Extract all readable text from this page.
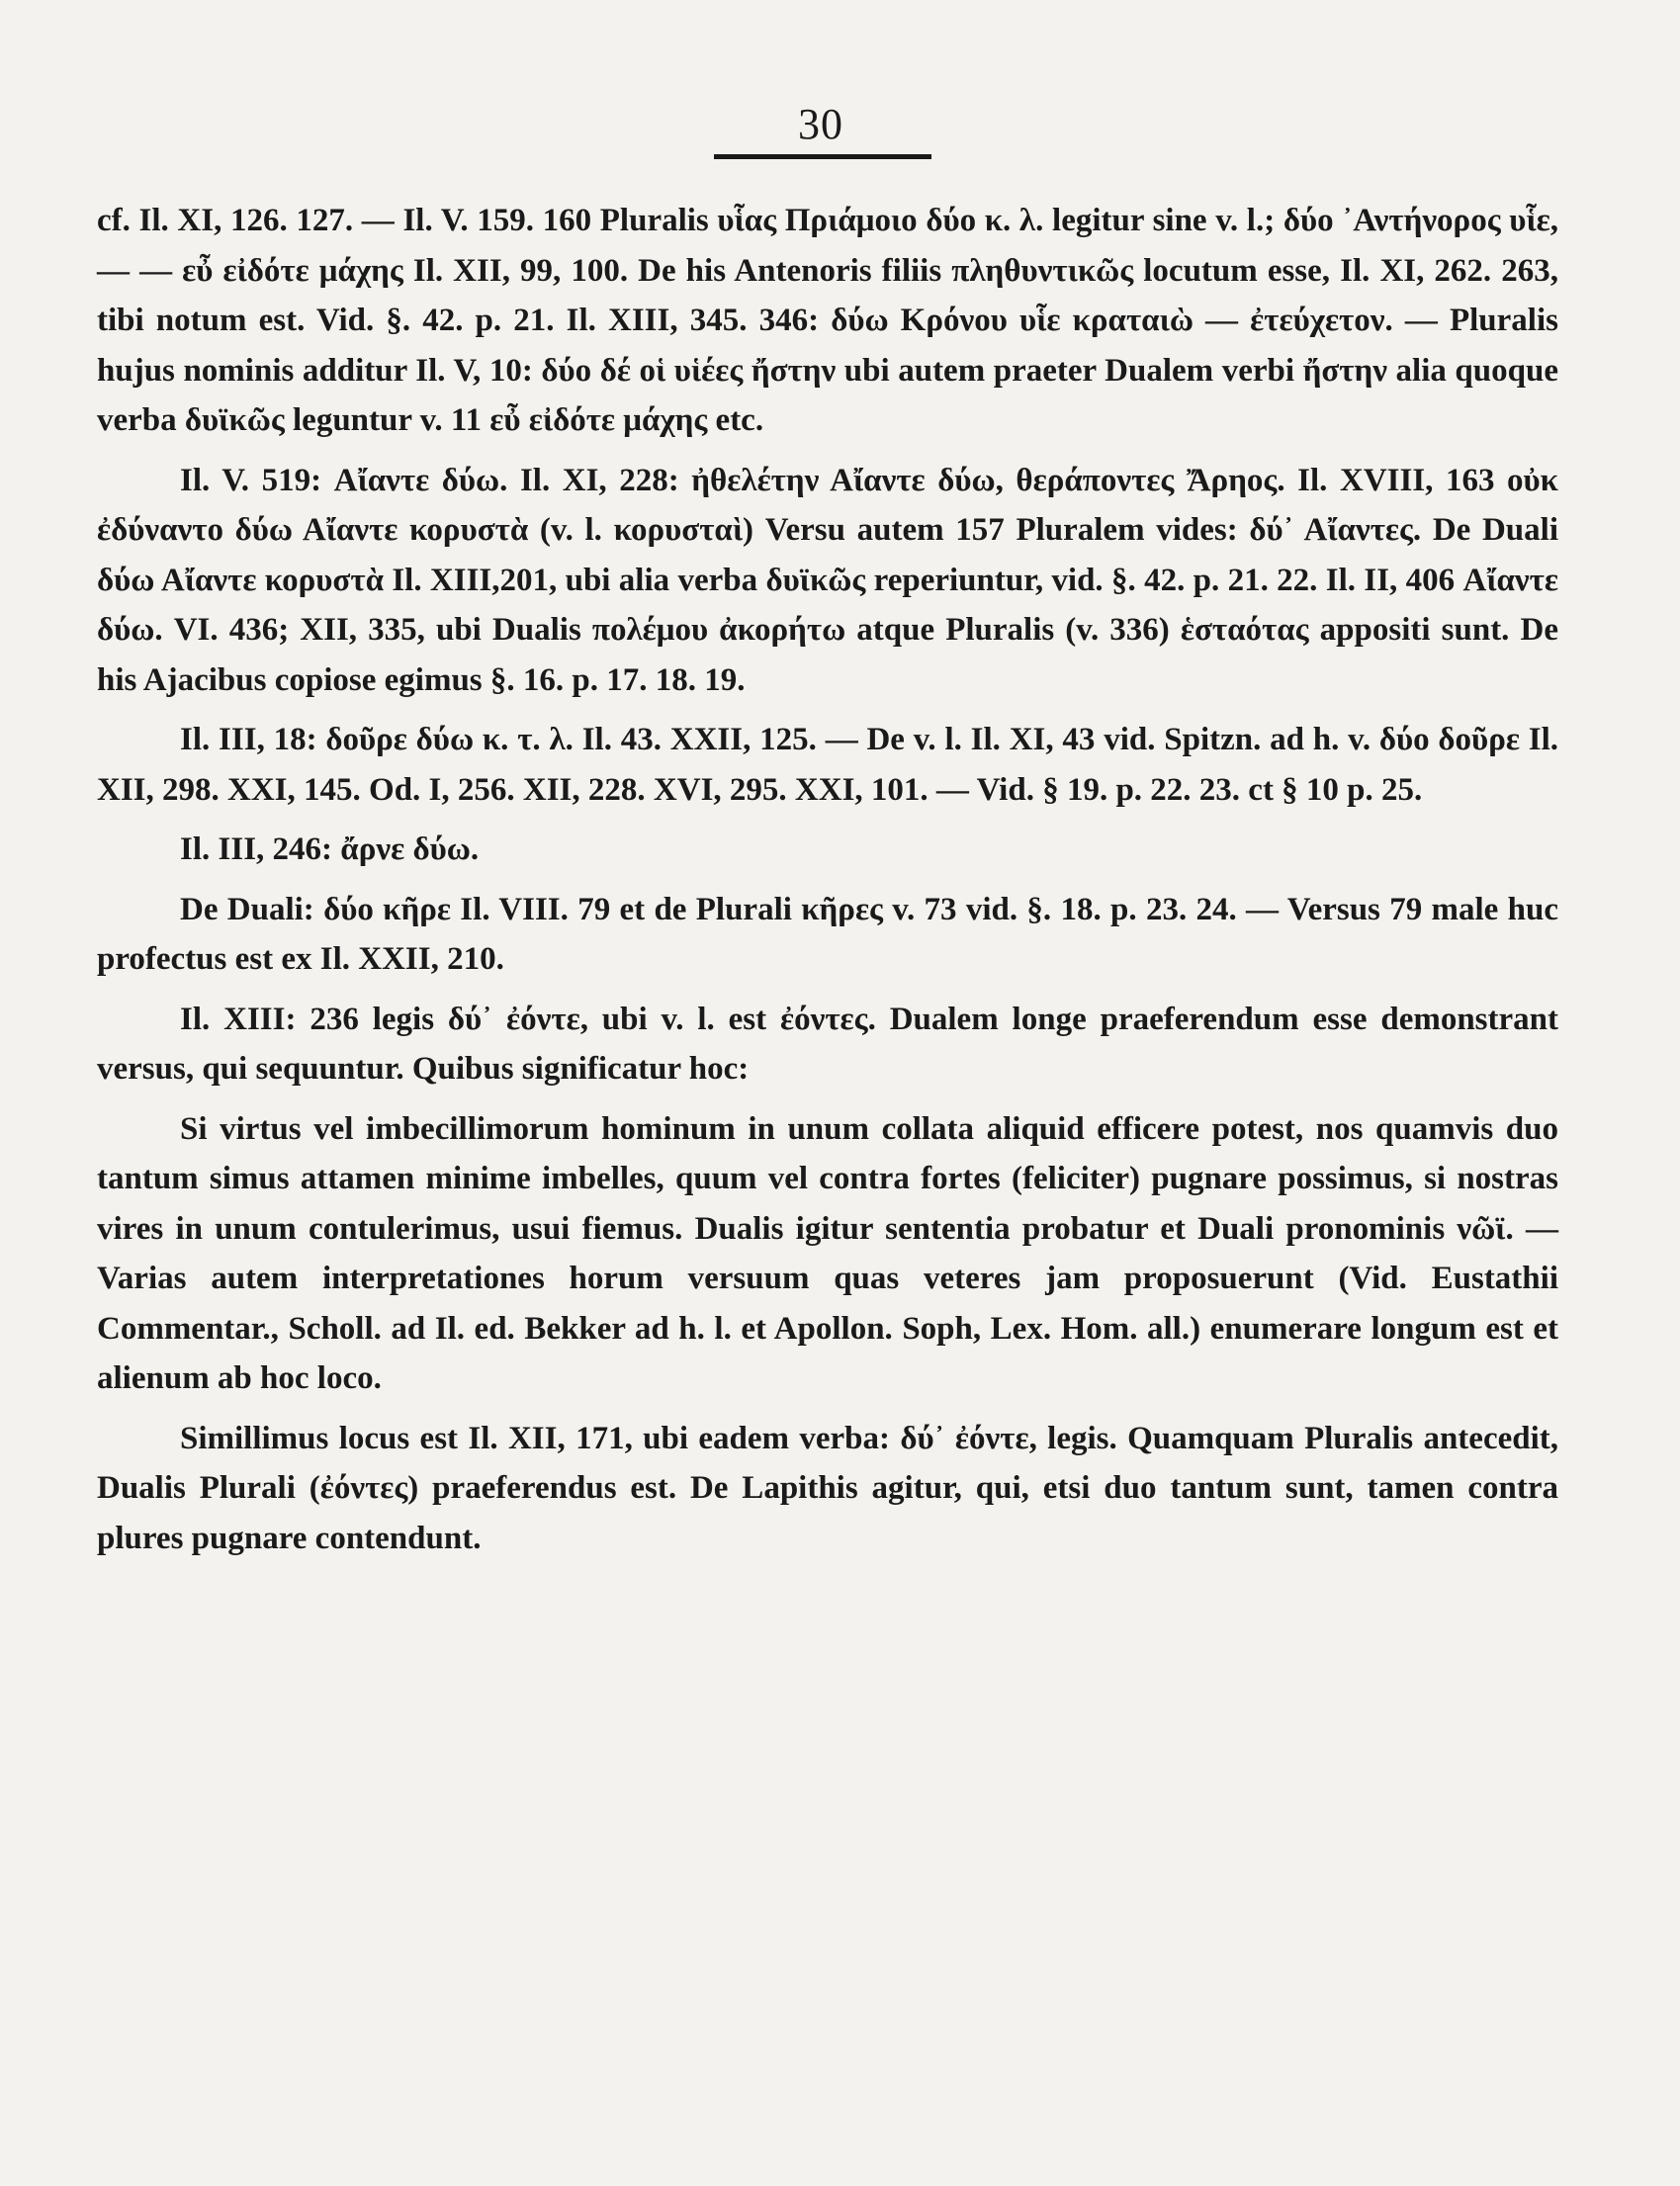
30

cf. Il. XI, 126. 127. — Il. V. 159. 160 Pluralis υἷας Πριάμοιο δύο κ. λ. legitur sine v. l.; δύο ᾿Αντήνορος υἷε, — — εὖ εἰδότε μάχης Il. XII, 99, 100. De his Antenoris filiis πληθυντικῶς locutum esse, Il. XI, 262. 263, tibi notum est. Vid. §. 42. p. 21. Il. XIII, 345. 346: δύω Κρόνου υἷε κραταιὼ — ἐτεύχετον. — Pluralis hujus nominis additur Il. V, 10: δύο δέ οἱ υἱέες ἤστην ubi autem praeter Dualem verbi ἤστην alia quoque verba δυϊκῶς leguntur v. 11 εὖ εἰδότε μάχης etc.

Il. V. 519: Αἴαντε δύω. Il. XI, 228: ἠθελέτην Αἴαντε δύω, θεράποντες Ἄρηος. Il. XVIII, 163 οὐκ ἐδύναντο δύω Αἴαντε κορυστὰ (v. l. κορυσταὶ) Versu autem 157 Pluralem vides: δύ᾿ Αἴαντες. De Duali δύω Αἴαντε κορυστὰ Il. XIII,201, ubi alia verba δυϊκῶς reperiuntur, vid. §. 42. p. 21. 22. Il. II, 406 Αἴαντε δύω. VI. 436; XII, 335, ubi Dualis πολέμου ἀκορήτω atque Pluralis (v. 336) ἑσταότας appositi sunt. De his Ajacibus copiose egimus §. 16. p. 17. 18. 19.

Il. III, 18: δοῦρε δύω κ. τ. λ. Il. 43. XXII, 125. — De v. l. Il. XI, 43 vid. Spitzn. ad h. v. δύο δοῦρε Il. XII, 298. XXI, 145. Od. I, 256. XII, 228. XVI, 295. XXI, 101. — Vid. § 19. p. 22. 23. ct § 10 p. 25.

Il. III, 246: ἄρνε δύω.

De Duali: δύο κῆρε Il. VIII. 79 et de Plurali κῆρες v. 73 vid. §. 18. p. 23. 24. — Versus 79 male huc profectus est ex Il. XXII, 210.

Il. XIII: 236 legis δύ᾿ ἐόντε, ubi v. l. est ἐόντες. Dualem longe praeferendum esse demonstrant versus, qui sequuntur. Quibus significatur hoc:

Si virtus vel imbecillimorum hominum in unum collata aliquid efficere potest, nos quamvis duo tantum simus attamen minime imbelles, quum vel contra fortes (feliciter) pugnare possimus, si nostras vires in unum contulerimus, usui fiemus. Dualis igitur sententia probatur et Duali pronominis νῶϊ. — Varias autem interpretationes horum versuum quas veteres jam proposuerunt (Vid. Eustathii Commentar., Scholl. ad Il. ed. Bekker ad h. l. et Apollon. Soph, Lex. Hom. all.) enumerare longum est et alienum ab hoc loco.

Simillimus locus est Il. XII, 171, ubi eadem verba: δύ᾿ ἐόντε, legis. Quamquam Pluralis antecedit, Dualis Plurali (ἐόντες) praeferendus est. De Lapithis agitur, qui, etsi duo tantum sunt, tamen contra plures pugnare contendunt.
